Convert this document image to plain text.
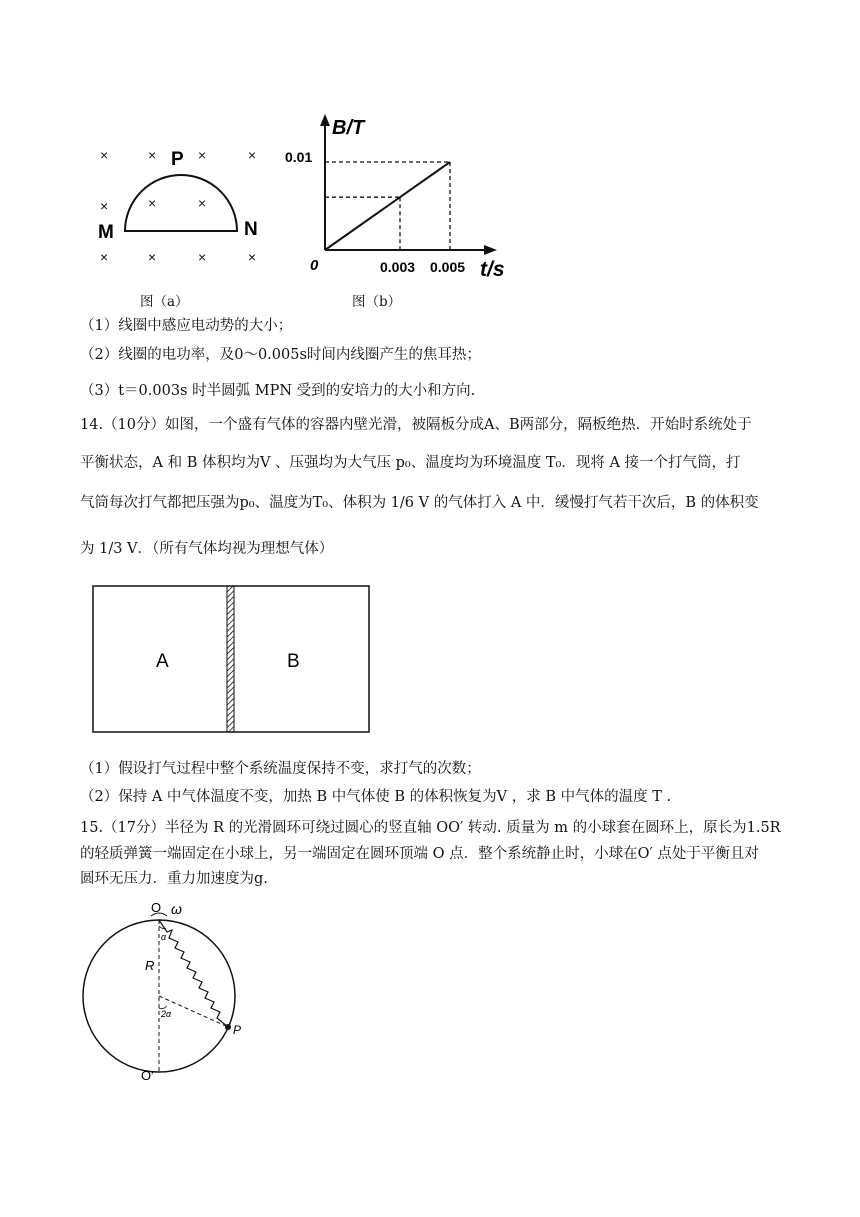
×	×	×	×
×	×
×
×	×	×	×
P
M	N
图（a）
B/T
t/s
0
0.01
0.003 0.005
图（b）
（1）线圈中感应电动势的大小；
（2）线圈的电功率，及0～0.005s时间内线圈产生的焦耳热；
（3）t＝0.003s 时半圆弧 MPN 受到的安培力的大小和方向.
14.（10分）如图，一个盛有气体的容器内壁光滑，被隔板分成A、B两部分，隔板绝热．开始时系统处于
平衡状态，A 和 B 体积均为V 、压强均为大气压 p₀、温度均为环境温度 T₀．现将 A 接一个打气筒，打
气筒每次打气都把压强为p₀、温度为T₀、体积为 1/6 V 的气体打入 A 中．缓慢打气若干次后，B 的体积变
为 1/3 V．（所有气体均视为理想气体）
A	B
（1）假设打气过程中整个系统温度保持不变，求打气的次数；
（2）保持 A 中气体温度不变，加热 B 中气体使 B 的体积恢复为V ，求 B 中气体的温度 T .
15.（17分）半径为 R 的光滑圆环可绕过圆心的竖直轴 OO′ 转动. 质量为 m 的小球套在圆环上，原长为1.5R
的轻质弹簧一端固定在小球上，另一端固定在圆环顶端 O 点．整个系统静止时，小球在O′ 点处于平衡且对
圆环无压力．重力加速度为g.
O ω
α
R
2α
P
O′
